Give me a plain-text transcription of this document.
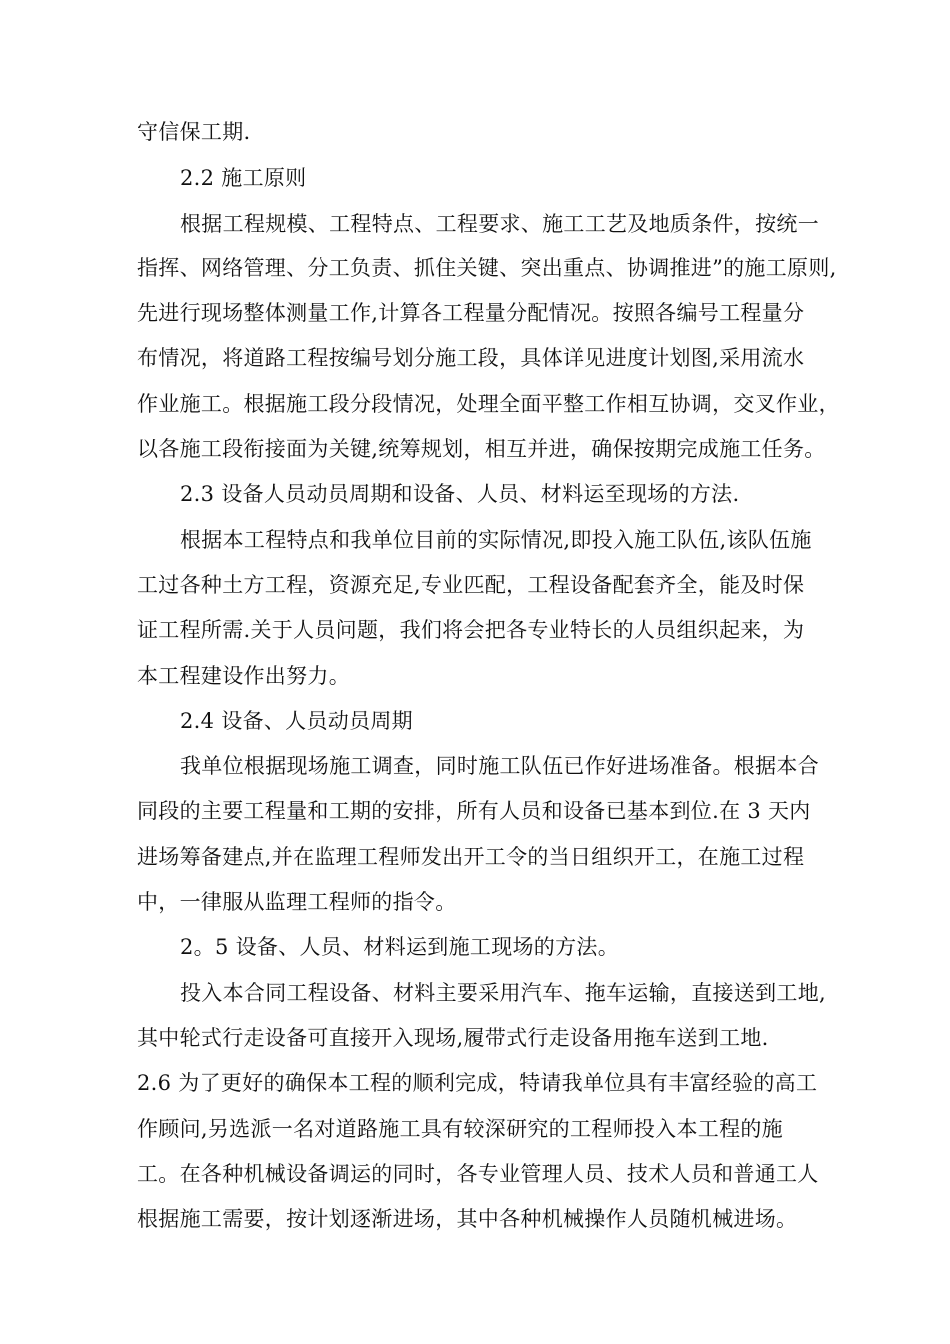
守信保工期.
2.2 施工原则
根据工程规模、工程特点、工程要求、施工工艺及地质条件，按统一
指挥、网络管理、分工负责、抓住关键、突出重点、协调推进”的施工原则,
先进行现场整体测量工作,计算各工程量分配情况。按照各编号工程量分
布情况，将道路工程按编号划分施工段，具体详见进度计划图,采用流水
作业施工。根据施工段分段情况，处理全面平整工作相互协调，交叉作业，
以各施工段衔接面为关键,统筹规划，相互并进，确保按期完成施工任务。
2.3 设备人员动员周期和设备、人员、材料运至现场的方法.
根据本工程特点和我单位目前的实际情况,即投入施工队伍,该队伍施
工过各种土方工程，资源充足,专业匹配，工程设备配套齐全，能及时保
证工程所需.关于人员问题，我们将会把各专业特长的人员组织起来，为
本工程建设作出努力。
2.4 设备、人员动员周期
我单位根据现场施工调查，同时施工队伍已作好进场准备。根据本合
同段的主要工程量和工期的安排，所有人员和设备已基本到位.在 3 天内
进场筹备建点,并在监理工程师发出开工令的当日组织开工，在施工过程
中，一律服从监理工程师的指令。
2。5 设备、人员、材料运到施工现场的方法。
投入本合同工程设备、材料主要采用汽车、拖车运输，直接送到工地,
其中轮式行走设备可直接开入现场,履带式行走设备用拖车送到工地.
2.6 为了更好的确保本工程的顺利完成，特请我单位具有丰富经验的高工
作顾问,另选派一名对道路施工具有较深研究的工程师投入本工程的施
工。在各种机械设备调运的同时，各专业管理人员、技术人员和普通工人
根据施工需要，按计划逐渐进场，其中各种机械操作人员随机械进场。
